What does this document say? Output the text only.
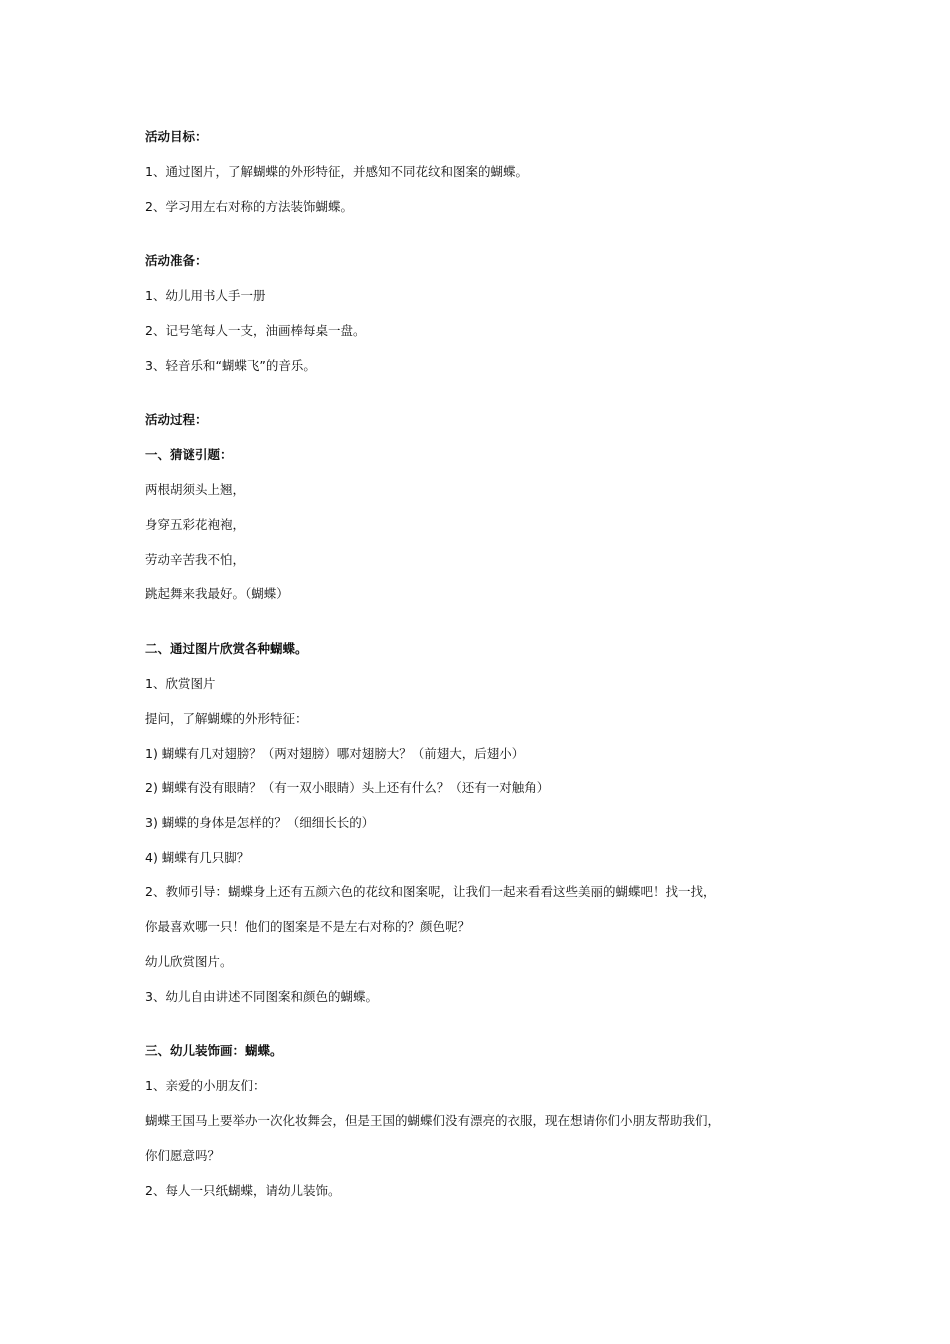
活动目标：
1、通过图片，了解蝴蝶的外形特征，并感知不同花纹和图案的蝴蝶。
2、学习用左右对称的方法装饰蝴蝶。
活动准备：
1、幼儿用书人手一册
2、记号笔每人一支，油画棒每桌一盘。
3、轻音乐和“蝴蝶飞”的音乐。
活动过程：
一、猜谜引题：
两根胡须头上翘，
身穿五彩花袍袍，
劳动辛苦我不怕，
跳起舞来我最好。（蝴蝶）
二、通过图片欣赏各种蝴蝶。
1、欣赏图片
提问，了解蝴蝶的外形特征：
1) 蝴蝶有几对翅膀？（两对翅膀）哪对翅膀大？（前翅大，后翅小）
2) 蝴蝶有没有眼睛？（有一双小眼睛）头上还有什么？（还有一对触角）
3) 蝴蝶的身体是怎样的？（细细长长的）
4) 蝴蝶有几只脚？
2、教师引导：蝴蝶身上还有五颜六色的花纹和图案呢，让我们一起来看看这些美丽的蝴蝶吧！找一找，
你最喜欢哪一只！他们的图案是不是左右对称的？颜色呢？
幼儿欣赏图片。
3、幼儿自由讲述不同图案和颜色的蝴蝶。
三、幼儿装饰画：蝴蝶。
1、亲爱的小朋友们：
蝴蝶王国马上要举办一次化妆舞会，但是王国的蝴蝶们没有漂亮的衣服，现在想请你们小朋友帮助我们，
你们愿意吗？
2、每人一只纸蝴蝶，请幼儿装饰。
